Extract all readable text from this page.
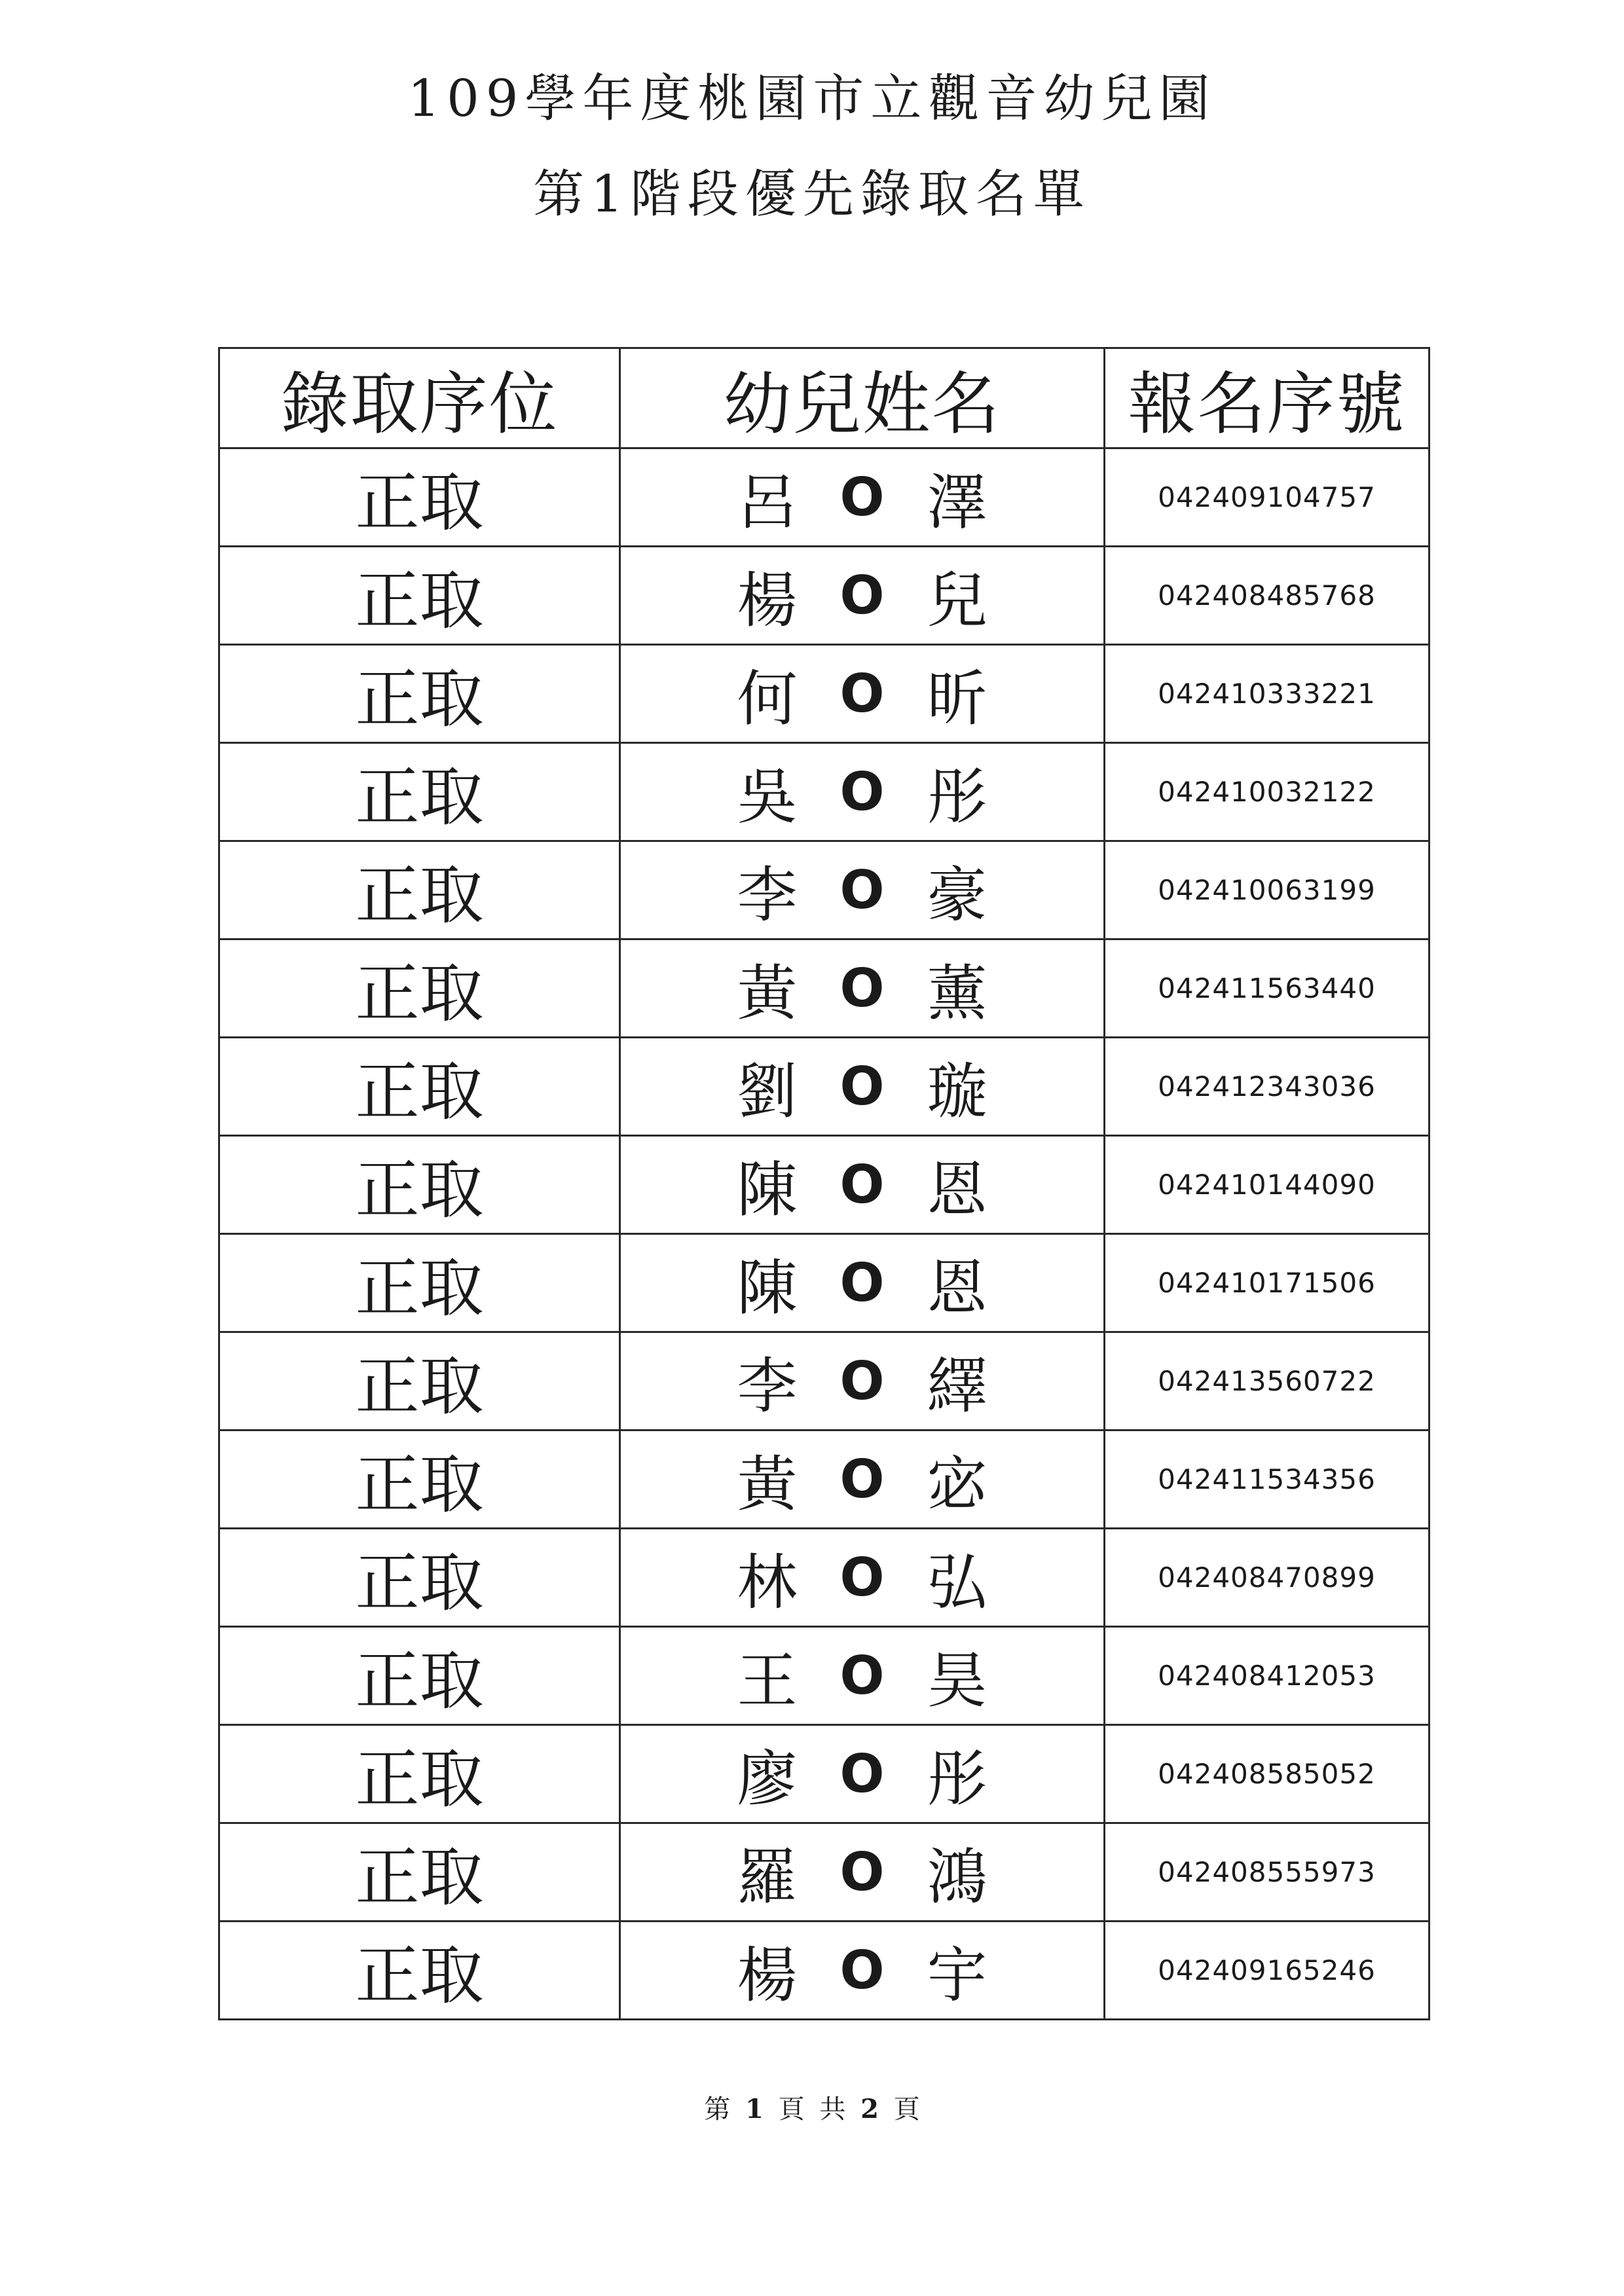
109學年度桃園市立觀音幼兒園
第1階段優先錄取名單
錄取序位	幼兒姓名	報名序號
正取	呂 O 澤	042409104757
正取	楊 O 兒	042408485768
正取	何 O 昕	042410333221
正取	吳 O 彤	042410032122
正取	李 O 豪	042410063199
正取	黃 O 薰	042411563440
正取	劉 O 璇	042412343036
正取	陳 O 恩	042410144090
正取	陳 O 恩	042410171506
正取	李 O 繹	042413560722
正取	黃 O 宓	042411534356
正取	林 O 弘	042408470899
正取	王 O 昊	042408412053
正取	廖 O 彤	042408585052
正取	羅 O 鴻	042408555973
正取	楊 O 宇	042409165246
第 1 頁 共 2 頁
